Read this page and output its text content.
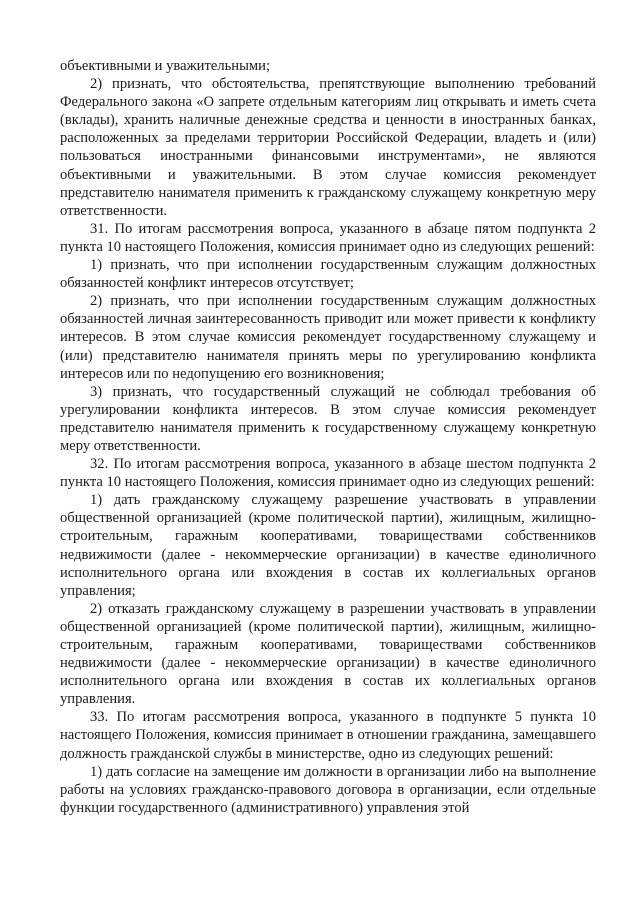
объективными и уважительными;

2) признать, что обстоятельства, препятствующие выполнению требований Федерального закона «О запрете отдельным категориям лиц открывать и иметь счета (вклады), хранить наличные денежные средства и ценности в иностранных банках, расположенных за пределами территории Российской Федерации, владеть и (или) пользоваться иностранными финансовыми инструментами», не являются объективными и уважительными. В этом случае комиссия рекомендует представителю нанимателя применить к гражданскому служащему конкретную меру ответственности.

31. По итогам рассмотрения вопроса, указанного в абзаце пятом подпункта 2 пункта 10 настоящего Положения, комиссия принимает одно из следующих решений:

1) признать, что при исполнении государственным служащим должностных обязанностей конфликт интересов отсутствует;

2) признать, что при исполнении государственным служащим должностных обязанностей личная заинтересованность приводит или может привести к конфликту интересов. В этом случае комиссия рекомендует государственному служащему и (или) представителю нанимателя принять меры по урегулированию конфликта интересов или по недопущению его возникновения;

3) признать, что государственный служащий не соблюдал требования об урегулировании конфликта интересов. В этом случае комиссия рекомендует представителю нанимателя применить к государственному служащему конкретную меру ответственности.

32. По итогам рассмотрения вопроса, указанного в абзаце шестом подпункта 2 пункта 10 настоящего Положения, комиссия принимает одно из следующих решений:

1) дать гражданскому служащему разрешение участвовать в управлении общественной организацией (кроме политической партии), жилищным, жилищно-строительным, гаражным кооперативами, товариществами собственников недвижимости (далее - некоммерческие организации) в качестве единоличного исполнительного органа или вхождения в состав их коллегиальных органов управления;

2) отказать гражданскому служащему в разрешении участвовать в управлении общественной организацией (кроме политической партии), жилищным, жилищно-строительным, гаражным кооперативами, товариществами собственников недвижимости (далее - некоммерческие организации) в качестве единоличного исполнительного органа или вхождения в состав их коллегиальных органов управления.

33. По итогам рассмотрения вопроса, указанного в подпункте 5 пункта 10 настоящего Положения, комиссия принимает в отношении гражданина, замещавшего должность гражданской службы в министерстве, одно из следующих решений:

1) дать согласие на замещение им должности в организации либо на выполнение работы на условиях гражданско-правового договора в организации, если отдельные функции государственного (административного) управления этой
